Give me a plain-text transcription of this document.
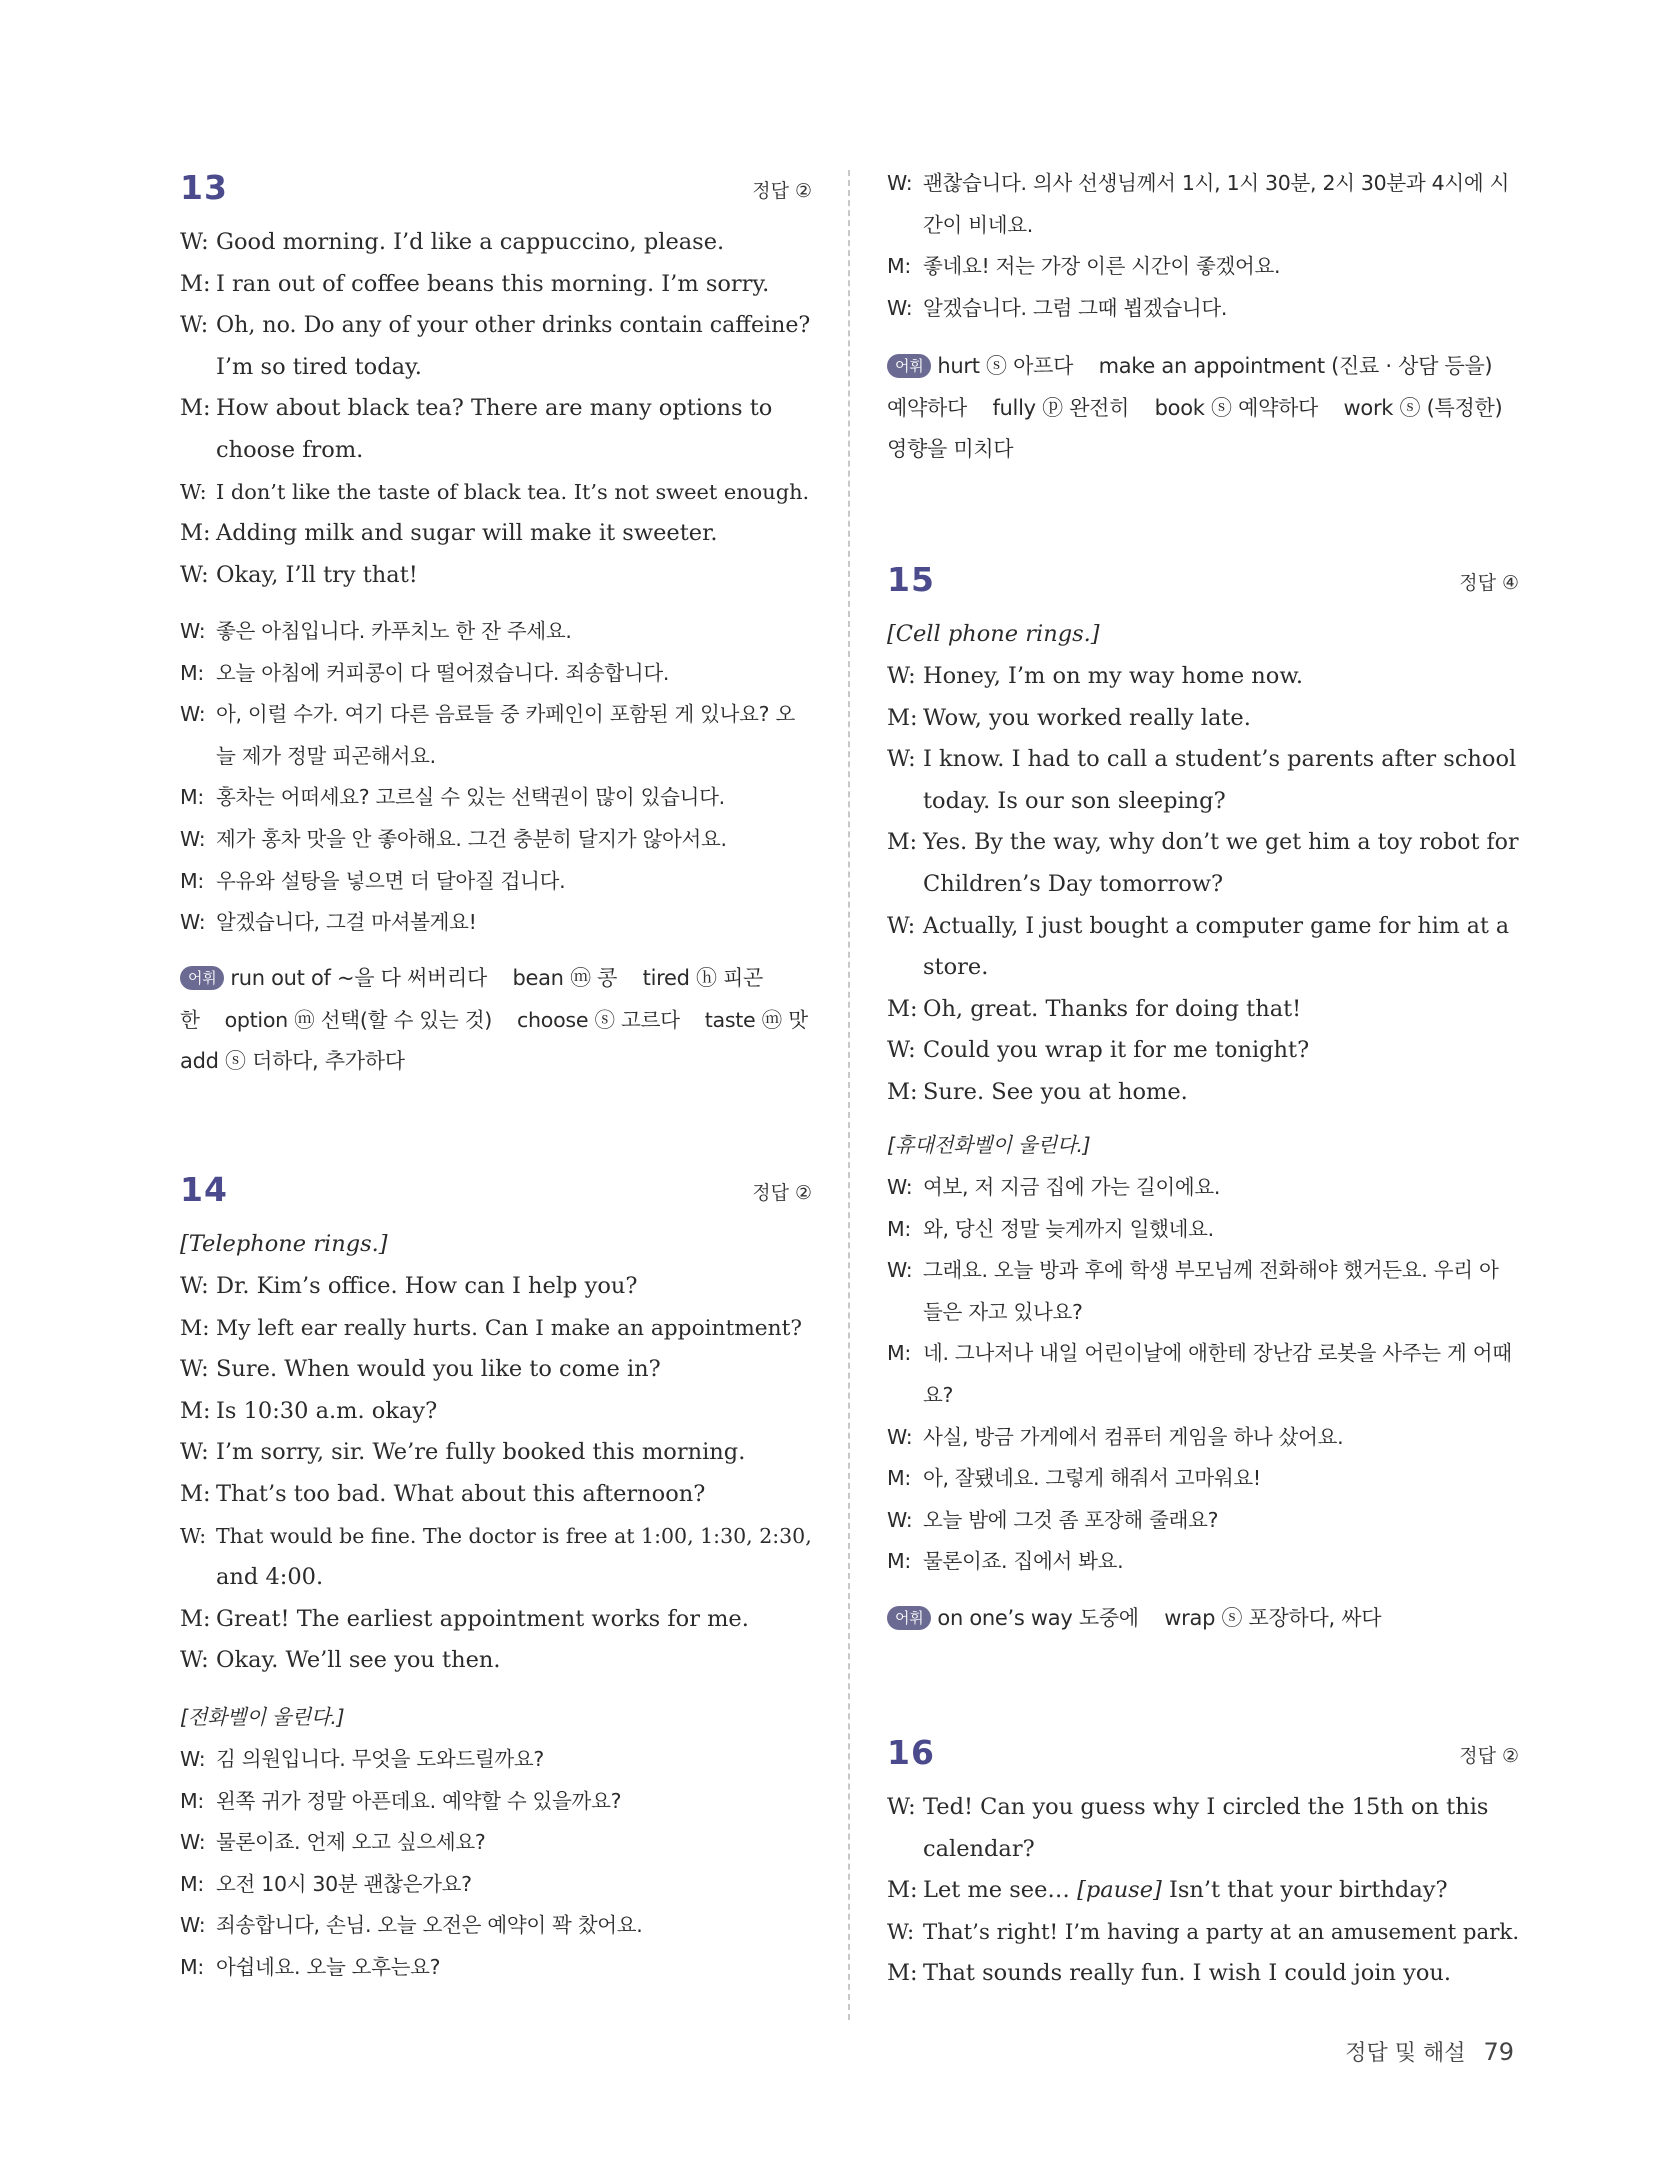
13	정답 ②
W: Good morning. I’d like a cappuccino, please.
M: I ran out of coffee beans this morning. I’m sorry.
W: Oh, no. Do any of your other drinks contain caffeine?
I’m so tired today.
M: How about black tea? There are many options to
choose from.
W: I don’t like the taste of black tea. It’s not sweet enough.
M: Adding milk and sugar will make it sweeter.
W: Okay, I’ll try that!
W: 좋은 아침입니다. 카푸치노 한 잔 주세요.
M: 오늘 아침에 커피콩이 다 떨어졌습니다. 죄송합니다.
W: 아, 이럴 수가. 여기 다른 음료들 중 카페인이 포함된 게 있나요? 오
늘 제가 정말 피곤해서요.
M: 홍차는 어떠세요? 고르실 수 있는 선택권이 많이 있습니다.
W: 제가 홍차 맛을 안 좋아해요. 그건 충분히 달지가 않아서요.
M: 우유와 설탕을 넣으면 더 달아질 겁니다.
W: 알겠습니다, 그걸 마셔볼게요!
어휘 run out of ~을 다 써버리다    bean ⓜ 콩    tired ⓗ 피곤
한    option ⓜ 선택(할 수 있는 것)    choose ⓢ 고르다    taste ⓜ 맛
add ⓢ 더하다, 추가하다
14	정답 ②
[Telephone rings.]
W: Dr. Kim’s office. How can I help you?
M: My left ear really hurts. Can I make an appointment?
W: Sure. When would you like to come in?
M: Is 10:30 a.m. okay?
W: I’m sorry, sir. We’re fully booked this morning.
M: That’s too bad. What about this afternoon?
W: That would be fine. The doctor is free at 1:00, 1:30, 2:30,
and 4:00.
M: Great! The earliest appointment works for me.
W: Okay. We’ll see you then.
[전화벨이 울린다.]
W: 김 의원입니다. 무엇을 도와드릴까요?
M: 왼쪽 귀가 정말 아픈데요. 예약할 수 있을까요?
W: 물론이죠. 언제 오고 싶으세요?
M: 오전 10시 30분 괜찮은가요?
W: 죄송합니다, 손님. 오늘 오전은 예약이 꽉 찼어요.
M: 아쉽네요. 오늘 오후는요?
W: 괜찮습니다. 의사 선생님께서 1시, 1시 30분, 2시 30분과 4시에 시
간이 비네요.
M: 좋네요! 저는 가장 이른 시간이 좋겠어요.
W: 알겠습니다. 그럼 그때 뵙겠습니다.
어휘 hurt ⓢ 아프다    make an appointment (진료 · 상담 등을)
예약하다    fully ⓟ 완전히    book ⓢ 예약하다    work ⓢ (특정한)
영향을 미치다
15	정답 ④
[Cell phone rings.]
W: Honey, I’m on my way home now.
M: Wow, you worked really late.
W: I know. I had to call a student’s parents after school
today. Is our son sleeping?
M: Yes. By the way, why don’t we get him a toy robot for
Children’s Day tomorrow?
W: Actually, I just bought a computer game for him at a
store.
M: Oh, great. Thanks for doing that!
W: Could you wrap it for me tonight?
M: Sure. See you at home.
[휴대전화벨이 울린다.]
W: 여보, 저 지금 집에 가는 길이에요.
M: 와, 당신 정말 늦게까지 일했네요.
W: 그래요. 오늘 방과 후에 학생 부모님께 전화해야 했거든요. 우리 아
들은 자고 있나요?
M: 네. 그나저나 내일 어린이날에 애한테 장난감 로봇을 사주는 게 어때
요?
W: 사실, 방금 가게에서 컴퓨터 게임을 하나 샀어요.
M: 아, 잘됐네요. 그렇게 해줘서 고마워요!
W: 오늘 밤에 그것 좀 포장해 줄래요?
M: 물론이죠. 집에서 봐요.
어휘 on one’s way 도중에    wrap ⓢ 포장하다, 싸다
16	정답 ②
W: Ted! Can you guess why I circled the 15th on this
calendar?
M: Let me see… [pause] Isn’t that your birthday?
W: That’s right! I’m having a party at an amusement park.
M: That sounds really fun. I wish I could join you.
정답 및 해설 79
